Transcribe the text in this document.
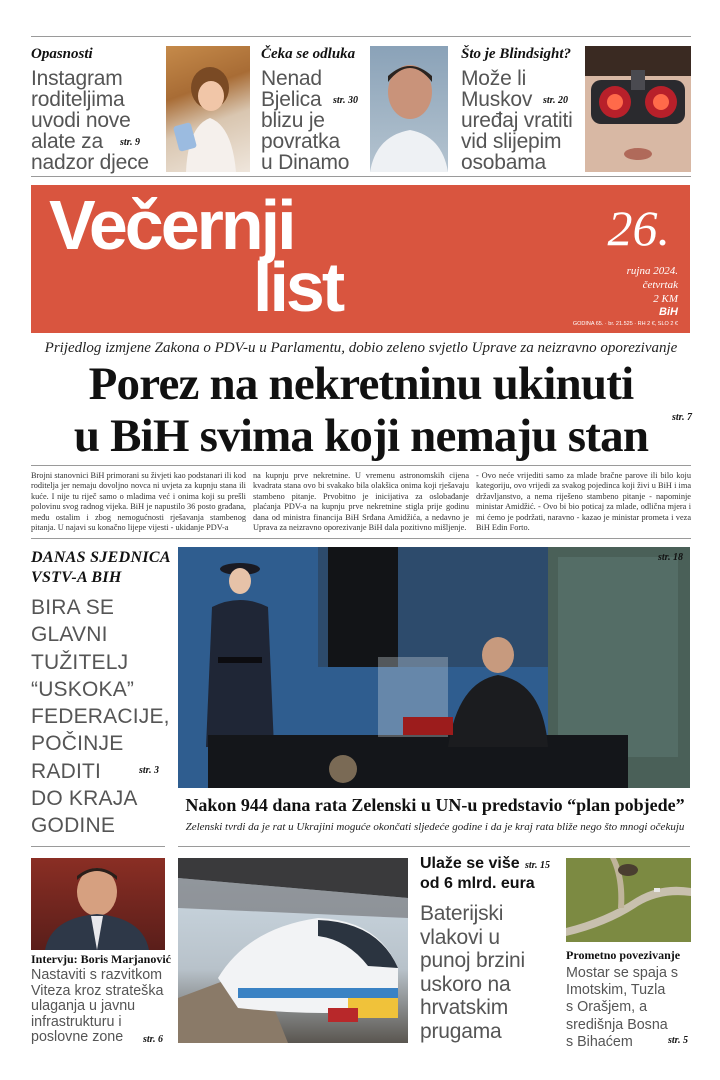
Opasnosti
Instagram
roditeljima
uvodi nove
alate za
nadzor djece
str. 9
Čeka se odluka
Nenad
Bjelica
blizu je
povratka
u Dinamo
str. 30
Što je Blindsight?
Može li
Muskov
uređaj vratiti
vid slijepim
osobama
str. 20
Večernji
list
26.
rujna 2024.
četvrtak
2 KM
BiH
GODINA 65. · br. 21.525 · RH 2 €, SLO 2 €
Prijedlog izmjene Zakona o PDV-u u Parlamentu, dobio zeleno svjetlo Uprave za neizravno oporezivanje
Porez na nekretninu ukinuti
u BiH svima koji nemaju stan	str. 7
Brojni stanovnici BiH primorani su živjeti kao podstanari ili kod roditelja jer nemaju dovoljno novca ni uvjeta za kupnju stana ili kuće. I nije tu riječ samo o mladima već i onima koji su prešli polovinu svog radnog vijeka. BiH je napustilo 36 posto građana, među ostalim i zbog nemogućnosti rješavanja stambenog pitanja. U najavi su konačno lijepe vijesti - ukidanje PDV-a
na kupnju prve nekretnine. U vremenu astronomskih cijena kvadrata stana ovo bi svakako bila olakšica onima koji rješavaju stambeno pitanje. Prvobitno je inicijativa za oslobađanje plaćanja PDV-a na kupnju prve nekretnine stigla prije godinu dana od ministra financija BiH Srđana Amidžića, a nedavno je Uprava za neizravno oporezivanje BiH dala pozitivno mišljenje.
- Ovo neće vrijediti samo za mlade bračne parove ili bilo koju kategoriju, ovo vrijedi za svakog pojedinca koji živi u BiH i ima državljanstvo, a nema riješeno stambeno pitanje - napominje ministar Amidžić. - Ovo bi bio poticaj za mlade, odlična mjera i mi ćemo je podržati, naravno - kazao je ministar prometa i veza BiH Edin Forto.
DANAS SJEDNICA
VSTV-A BIH
BIRA SE
GLAVNI
TUŽITELJ
“USKOKA”
FEDERACIJE,
POČINJE
RADITI
DO KRAJA
GODINE
str. 3
str. 18
Nakon 944 dana rata Zelenski u UN-u predstavio “plan pobjede”
Zelenski tvrdi da je rat u Ukrajini moguće okončati sljedeće godine i da je kraj rata bliže nego što mnogi očekuju
Intervju: Boris Marjanović
Nastaviti s razvitkom
Viteza kroz strateška
ulaganja u javnu
infrastrukturu i
poslovne zone	str. 6
Ulaže se više
od 6 mlrd. eura
str. 15
Baterijski
vlakovi u
punoj brzini
uskoro na
hrvatskim
prugama
Prometno povezivanje
Mostar se spaja s
Imotskim, Tuzla
s Orašjem, a
središnja Bosna
s Bihaćem	str. 5
